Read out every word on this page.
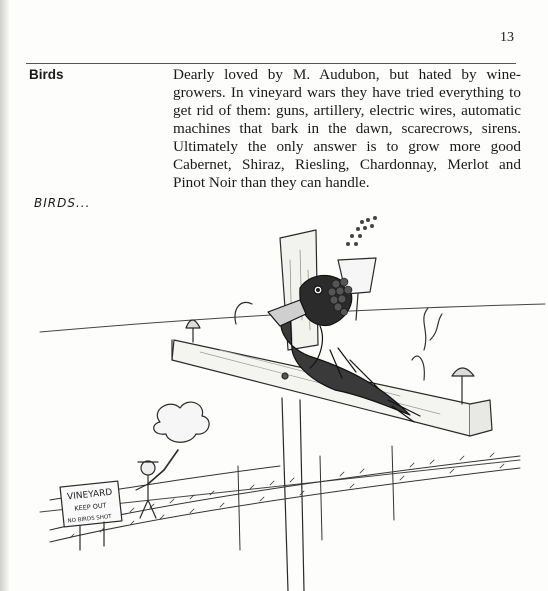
13
Birds	Dearly loved by M. Audubon, but hated by wine-growers. In vineyard wars they have tried everything to get rid of them: guns, artillery, electric wires, automatic machines that bark in the dawn, scarecrows, sirens. Ultimately the only answer is to grow more good Cabernet, Shiraz, Riesling, Chardonnay, Merlot and Pinot Noir than they can handle.
BIRDS...
VINEYARD
KEEP OUT
NO BIRDS SHOT
